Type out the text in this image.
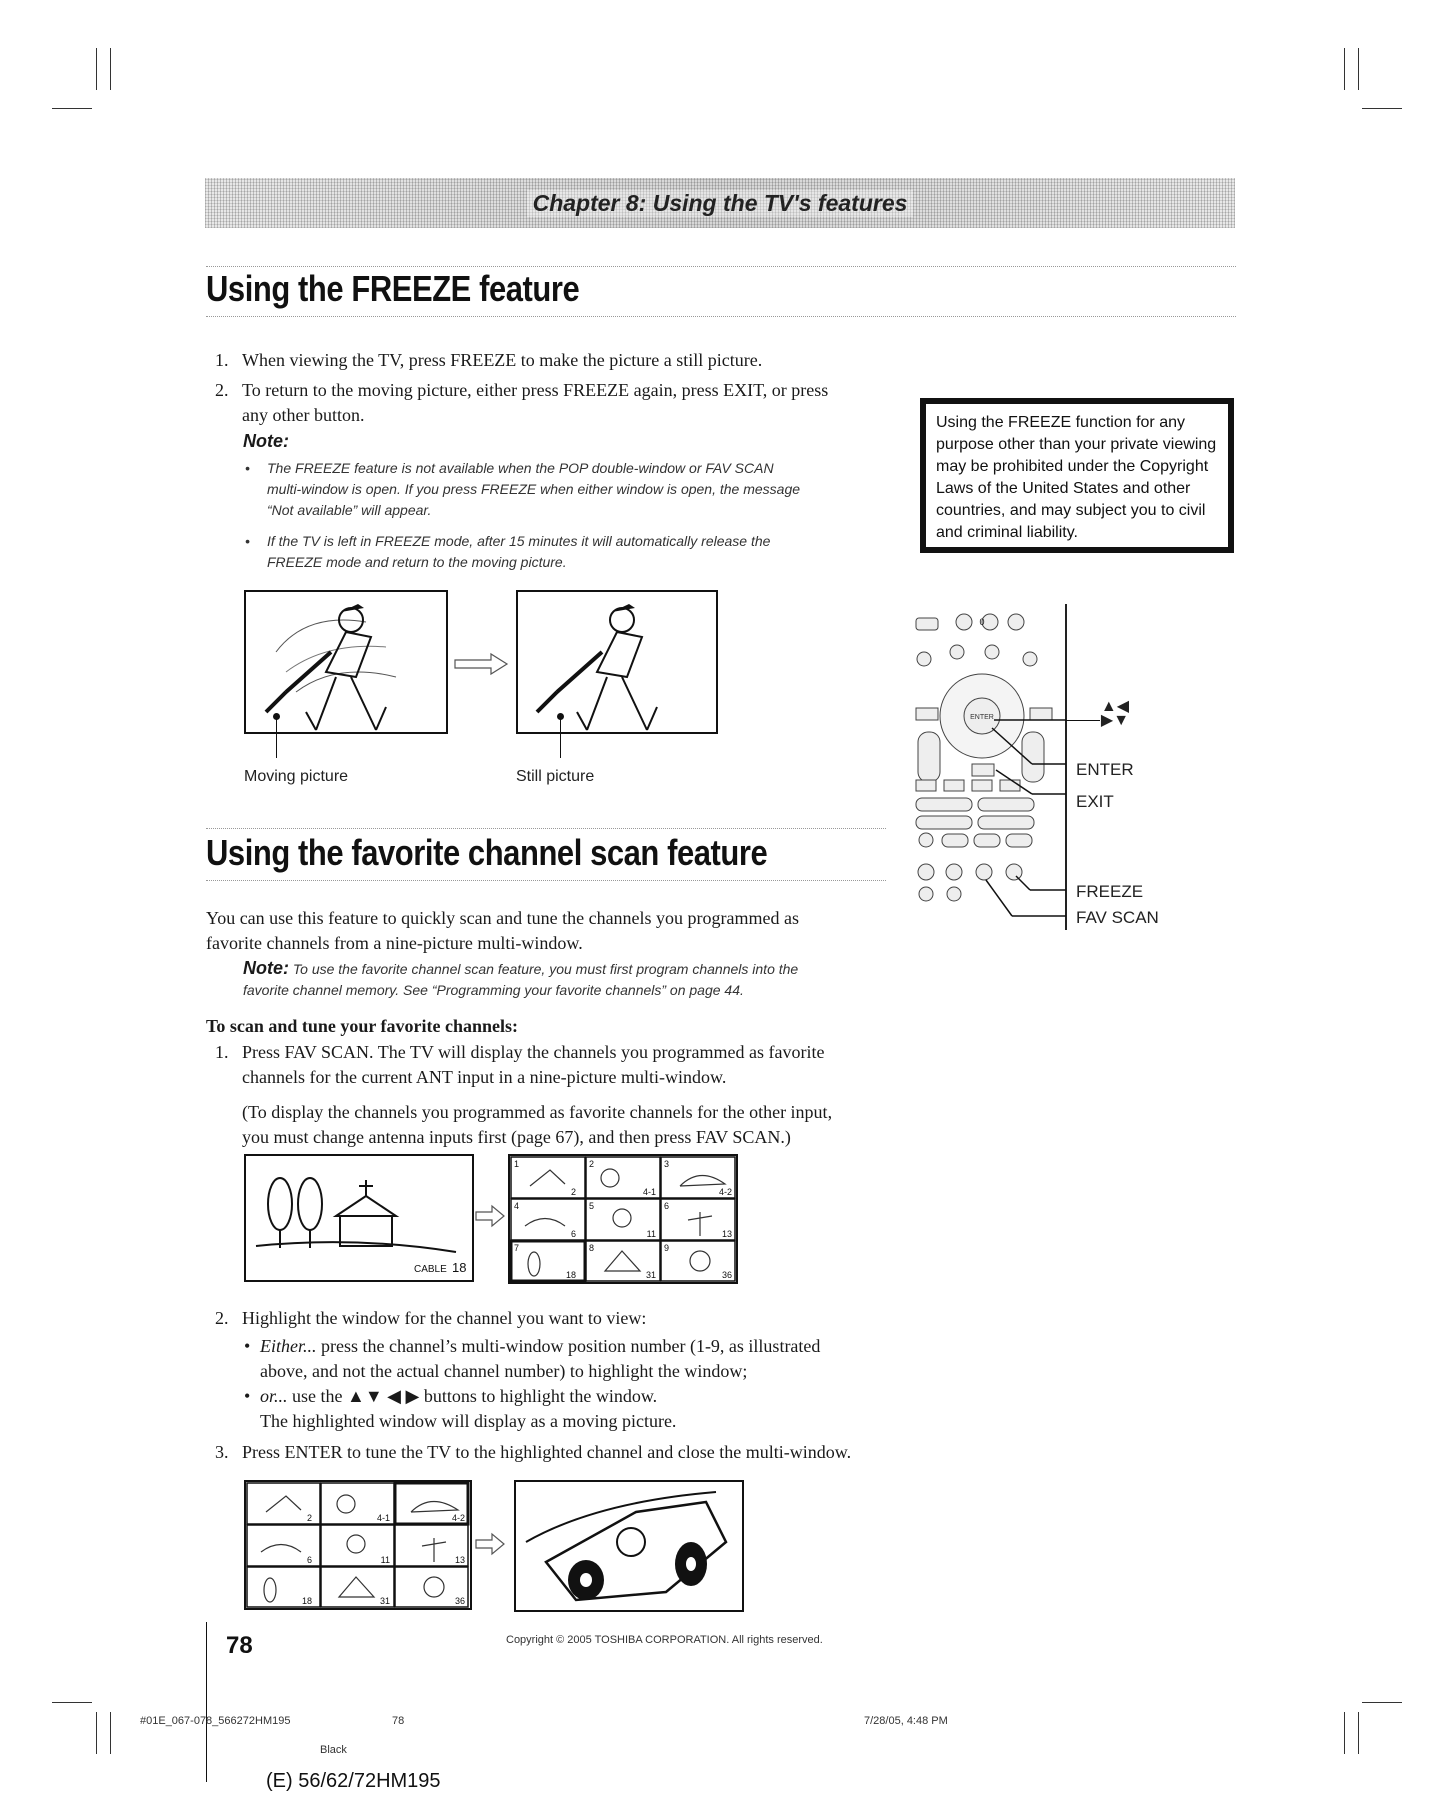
Chapter 8: Using the TV's features
Using the FREEZE feature
1. When viewing the TV, press FREEZE to make the picture a still picture.
2. To return to the moving picture, either press FREEZE again, press EXIT, or press
any other button.
Note:
• The FREEZE feature is not available when the POP double-window or FAV SCAN
multi-window is open. If you press FREEZE when either window is open, the message
“Not available” will appear.
• If the TV is left in FREEZE mode, after 15 minutes it will automatically release the
FREEZE mode and return to the moving picture.
Using the FREEZE function for any
purpose other than your private viewing
may be prohibited under the Copyright
Laws of the United States and other
countries, and may subject you to civil
and criminal liability.
Moving picture	Still picture
ENTER
0
▲◀ ▶▼
ENTER
EXIT
FREEZE
FAV SCAN
Using the favorite channel scan feature
You can use this feature to quickly scan and tune the channels you programmed as
favorite channels from a nine-picture multi-window.
Note: To use the favorite channel scan feature, you must first program channels into the
favorite channel memory. See “Programming your favorite channels” on page 44.
To scan and tune your favorite channels:
1. Press FAV SCAN. The TV will display the channels you programmed as favorite
channels for the current ANT input in a nine-picture multi-window.
(To display the channels you programmed as favorite channels for the other input,
you must change antenna inputs first (page 67), and then press FAV SCAN.)
CABLE 18
1	2	3
4	5	6
7	8	9
2	4-1	4-2
6	11	13
18	31	36
2. Highlight the window for the channel you want to view:
• Either... press the channel’s multi-window position number (1-9, as illustrated
above, and not the actual channel number) to highlight the window;
• or... use the ▲▼ ◀ ▶ buttons to highlight the window.
The highlighted window will display as a moving picture.
3. Press ENTER to tune the TV to the highlighted channel and close the multi-window.
2	4-1	4-2
6	11	13
18	31	36
78	Copyright © 2005 TOSHIBA CORPORATION. All rights reserved.
#01E_067-078_566272HM195	78	7/28/05, 4:48 PM
Black
(E) 56/62/72HM195
